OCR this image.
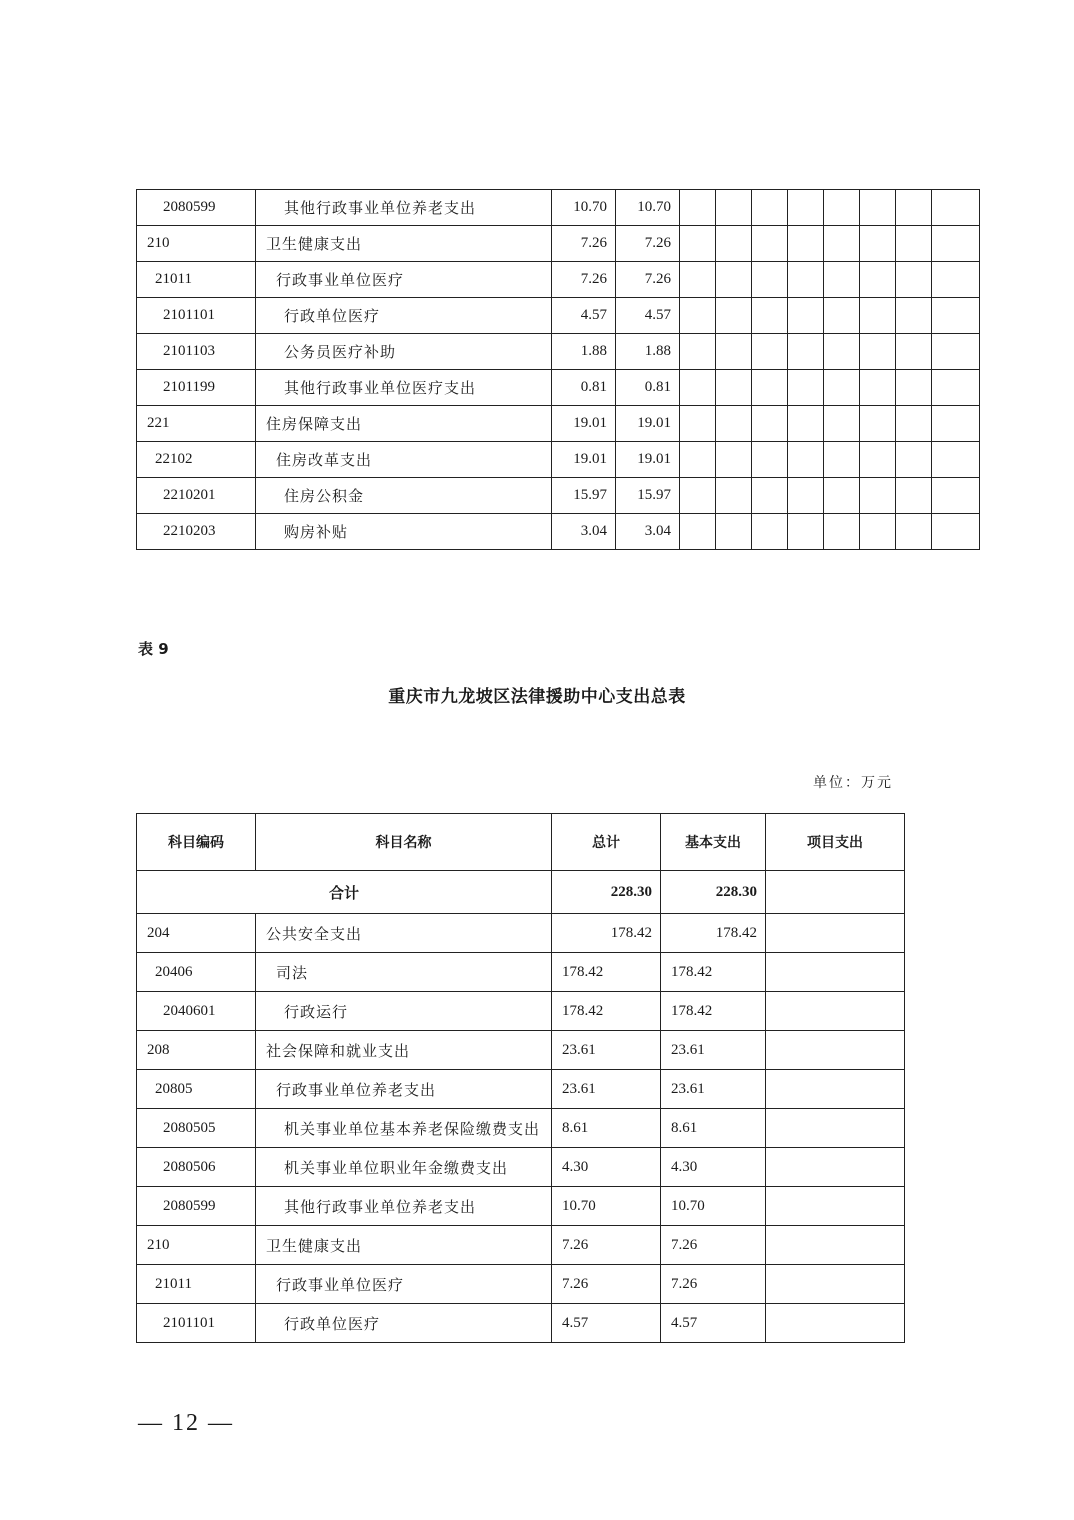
2080599	其他行政事业单位养老支出	10.70	10.70								
210	卫生健康支出	7.26	7.26								
21011	行政事业单位医疗	7.26	7.26								
2101101	行政单位医疗	4.57	4.57								
2101103	公务员医疗补助	1.88	1.88								
2101199	其他行政事业单位医疗支出	0.81	0.81								
221	住房保障支出	19.01	19.01								
22102	住房改革支出	19.01	19.01								
2210201	住房公积金	15.97	15.97								
2210203	购房补贴	3.04	3.04								
表 9
重庆市九龙坡区法律援助中心支出总表
单位：万元
科目编码	科目名称	总计	基本支出	项目支出
合计		228.30	228.30	
204	公共安全支出	178.42	178.42	
20406	司法	178.42	178.42	
2040601	行政运行	178.42	178.42	
208	社会保障和就业支出	23.61	23.61	
20805	行政事业单位养老支出	23.61	23.61	
2080505	机关事业单位基本养老保险缴费支出	8.61	8.61	
2080506	机关事业单位职业年金缴费支出	4.30	4.30	
2080599	其他行政事业单位养老支出	10.70	10.70	
210	卫生健康支出	7.26	7.26	
21011	行政事业单位医疗	7.26	7.26	
2101101	行政单位医疗	4.57	4.57	
— 12 —
